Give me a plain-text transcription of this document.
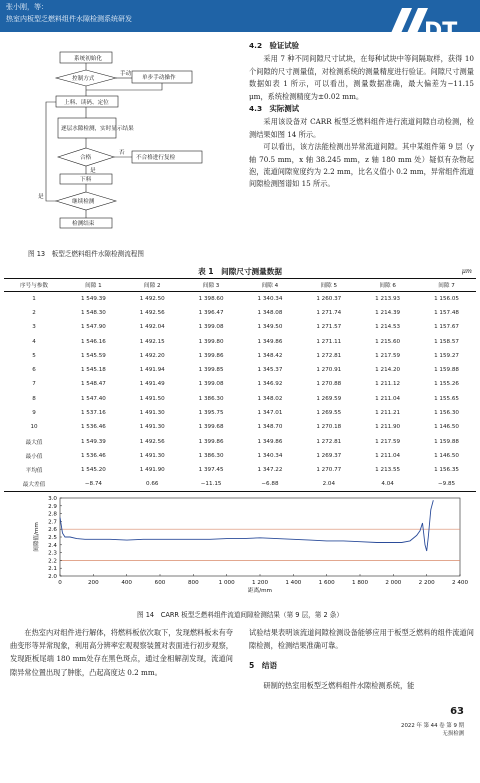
张小刚，等：
热室内板型乏燃料组件水隙检测系统研发	DT
系统初始化
控制方式	单步手动操作
上料、读码、定位
逐层水隙检测，实时显示结果
合格	不合格进行复检
下料
继续检测
检测结束
手动
否
是
是
图 13　板型乏燃料组件水隙检测流程图
4.2　验证试验

采用 7 种不同间隙尺寸试块，在每种试块中等间隔取样，获得 10 个间隙的尺寸测量值，对检测系统的测量精度进行验证。间隙尺寸测量数据如表 1 所示，可以看出，测量数据准确，最大偏差为−11.15 μm，系统检测精度为±0.02 mm。

4.3　实际测试

采用该设备对 CARR 板型乏燃料组件进行流道间隙自动检测，检测结果如图 14 所示。

可以看出，该方法能检测出异常流道间隙。其中某组件第 9 层（y 轴 70.5 mm，x 轴 38.245 mm，z 轴 180 mm 处）疑似有杂物起泡，流道间隙宽度约为 2.2 mm，比名义值小 0.2 mm，异常组件流道间隙检测图谱如 15 所示。

表 1　间隙尺寸测量数据	μm
序号与参数	间隙 1	间隙 2	间隙 3	间隙 4	间隙 5	间隙 6	间隙 7
1	1 549.39	1 492.50	1 398.60	1 340.34	1 260.37	1 213.93	1 156.05
2	1 548.30	1 492.56	1 396.47	1 348.08	1 271.74	1 214.39	1 157.48
3	1 547.90	1 492.04	1 399.08	1 349.50	1 271.57	1 214.53	1 157.67
4	1 546.16	1 492.15	1 399.80	1 349.86	1 271.11	1 215.60	1 158.57
5	1 545.59	1 492.20	1 399.86	1 348.42	1 272.81	1 217.59	1 159.27
6	1 545.18	1 491.94	1 399.85	1 345.37	1 270.91	1 214.20	1 159.88
7	1 548.47	1 491.49	1 399.08	1 346.92	1 270.88	1 211.12	1 155.26
8	1 547.40	1 491.50	1 386.30	1 348.02	1 269.59	1 211.04	1 155.65
9	1 537.16	1 491.30	1 395.75	1 347.01	1 269.55	1 211.21	1 156.30
10	1 536.46	1 491.30	1 399.68	1 348.70	1 270.18	1 211.90	1 146.50
最大值	1 549.39	1 492.56	1 399.86	1 349.86	1 272.81	1 217.59	1 159.88
最小值	1 536.46	1 491.30	1 386.30	1 340.34	1 269.37	1 211.04	1 146.50
平均值	1 545.20	1 491.90	1 397.45	1 347.22	1 270.77	1 213.55	1 156.35
最大差值	−8.74	0.66	−11.15	−6.88	2.04	4.04	−9.85
0	200	400	600	800	1 000	1 200	1 400	1 600	1 800	2 000	2 200	2 400
2.0
2.1
2.2
2.3
2.4
2.5
2.6
2.7
2.8
2.9
3.0
距离/mm
间隙值/mm
图 14　CARR 板型乏燃料组件流道间隙检测结果（第 9 层，第 2 条）

在热室内对组件进行解体，将燃料板依次取下，发现燃料板未有夸曲变形等异常现象，利用高分辨率宏观观察装置对表面进行初步观察，发现距板尾端 180 mm处存在黑色斑点，通过金相解剖发现，流道间隙异常位置出现了肿胀，凸起高度达 0.2 mm。

试验结果表明该流道间隙检测设备能够应用于板型乏燃料的组件流道间隙检测，检测结果准确可靠。

5　结语

研制的热室用板型乏燃料组件水隙检测系统，能

63
2022 年 第 44 卷 第 9 期
无损检测
